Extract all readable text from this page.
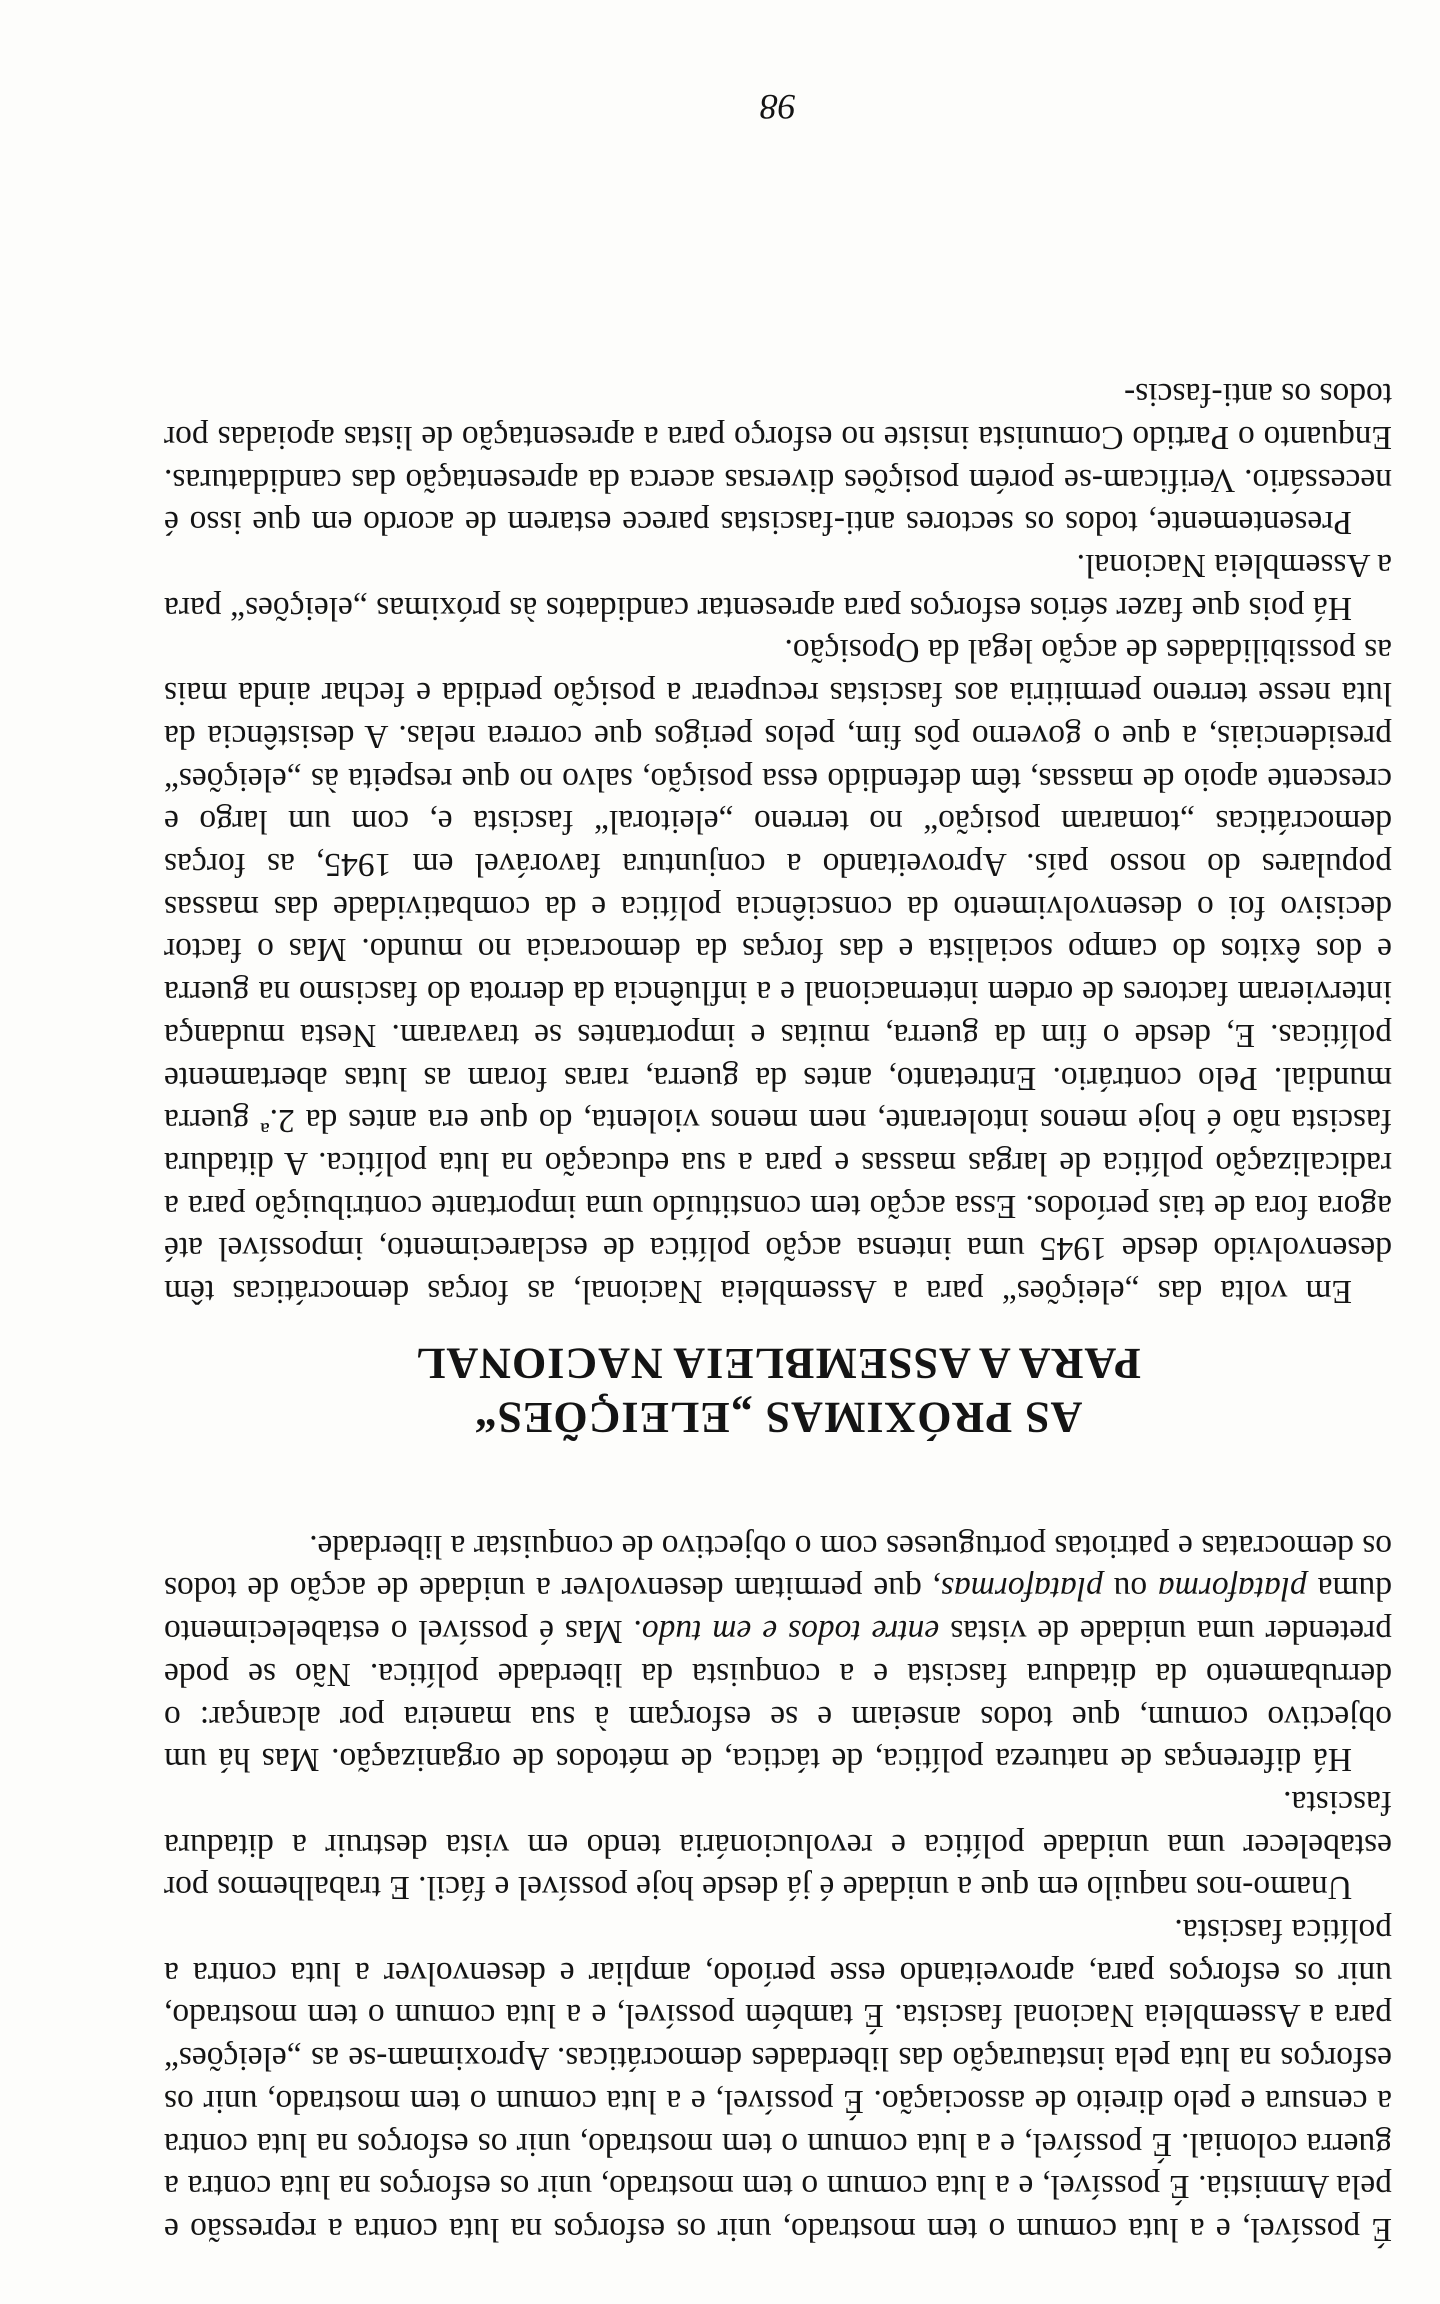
É possível, e a luta comum o tem mostrado, unir os esforços na luta contra a repressão e pela Amnistia. É possível, e a luta comum o tem mostrado, unir os esforços na luta contra a guerra colonial. É possível, e a luta comum o tem mostrado, unir os esforços na luta contra a censura e pelo direito de associação. É possível, e a luta comum o tem mostrado, unir os esforços na luta pela instauração das liberdades democráticas. Aproximam-se as „eleições“ para a Assembleia Nacional fascista. É também possível, e a luta comum o tem mostrado, unir os esforços para, aproveitando esse período, ampliar e desenvolver a luta contra a política fascista.

Unamo-nos naquilo em que a unidade é já desde hoje possível e fácil. E trabalhemos por estabelecer uma unidade política e revolucionária tendo em vista destruir a ditadura fascista.

Há diferenças de natureza política, de táctica, de métodos de organização. Mas há um objectivo comum, que todos anseiam e se esforçam à sua maneira por alcançar: o derrubamento da ditadura fascista e a conquista da liberdade política. Não se pode pretender uma unidade de vistas entre todos e em tudo. Mas é possível o estabelecimento duma plataforma ou plataformas, que permitam desenvolver a unidade de acção de todos os democratas e patriotas portugueses com o objectivo de conquistar a liberdade.

AS PRÓXIMAS „ELEIÇÕES“
PARA A ASSEMBLEIA NACIONAL

Em volta das „eleições“ para a Assembleia Nacional, as forças democráticas têm desenvolvido desde 1945 uma intensa acção política de esclarecimento, impossível até agora fora de tais períodos. Essa acção tem constituído uma importante contribuição para a radicalização política de largas massas e para a sua educação na luta política. A ditadura fascista não é hoje menos intolerante, nem menos violenta, do que era antes da 2.ª guerra mundial. Pelo contrário. Entretanto, antes da guerra, raras foram as lutas abertamente políticas. E, desde o fim da guerra, muitas e importantes se travaram. Nesta mudança intervieram factores de ordem internacional e a influência da derrota do fascismo na guerra e dos êxitos do campo socialista e das forças da democracia no mundo. Mas o factor decisivo foi o desenvolvimento da consciência política e da combatividade das massas populares do nosso país. Aproveitando a conjuntura favorável em 1945, as forças democráticas „tomaram posição“ no terreno „eleitoral“ fascista e, com um largo e crescente apoio de massas, têm defendido essa posição, salvo no que respeita às „eleições“ presidenciais, a que o governo pôs fim, pelos perigos que correra nelas. A desistência da luta nesse terreno permitiria aos fascistas recuperar a posição perdida e fechar ainda mais as possibilidades de acção legal da Oposição.

Há pois que fazer sérios esforços para apresentar candidatos às próximas „eleições“ para a Assembleia Nacional.

Presentemente, todos os sectores anti-fascistas parece estarem de acordo em que isso é necessário. Verificam-se porém posições diversas acerca da apresentação das candidaturas. Enquanto o Partido Comunista insiste no esforço para a apresentação de listas apoiadas por todos os anti-fascis-

98
